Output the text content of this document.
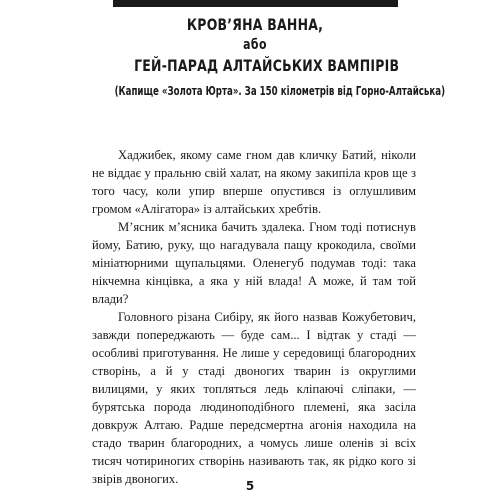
КРОВ’ЯНА ВАННА,
або
ГЕЙ-ПАРАД АЛТАЙСЬКИХ ВАМПІРІВ
(Капище «Золота Юрта». За 150 кілометрів від Горно-Алтайська)

Хаджибек, якому саме гном дав кличку Батий, ніколи не віддає у пральню свій халат, на якому закипіла кров ще з того часу, коли упир вперше опустився із оглушливим громом «Алігатора» із алтайських хребтів.

М’ясник м’ясника бачить здалека. Гном тоді потиснув йому, Батию, руку, що нагадувала пащу крокодила, своїми мініатюрними щупальцями. Оленегуб подумав тоді: така нікчемна кінцівка, а яка у ній влада! А може, й там той влади?

Головного різана Сибіру, як його назвав Кожубетович, завжди попереджають — буде сам... І відтак у стаді — особливі приготування. Не лише у середовищі благородних створінь, а й у стаді двоногих тварин із округлими вилицями, у яких топляться ледь кліпаючі сліпаки, — бурятська порода людиноподібного племені, яка засіла довкруж Алтаю. Радше передсмертна агонія находила на стадо тварин благородних, а чомусь лише оленів зі всіх тисяч чотириногих створінь називають так, як рідко кого зі звірів двоногих.	5
